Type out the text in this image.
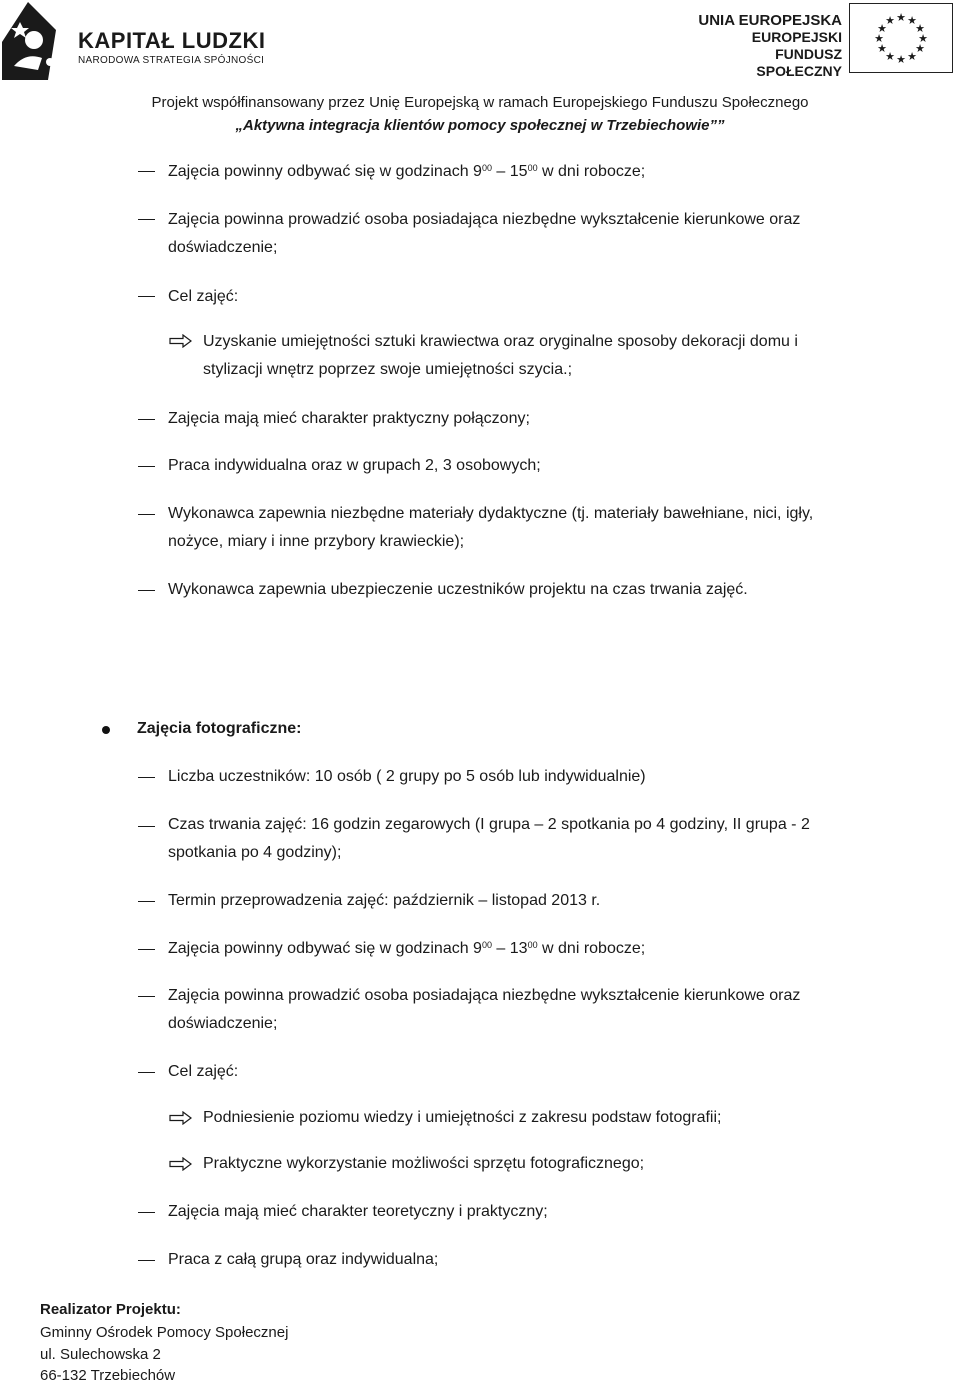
KAPITAŁ LUDZKI
NARODOWA STRATEGIA SPÓJNOŚCI
UNIA EUROPEJSKA
EUROPEJSKI
FUNDUSZ SPOŁECZNY
★ ★
★
★
★
★
★
★
★
★
★
★
Projekt współfinansowany przez Unię Europejską w ramach Europejskiego Funduszu Społecznego
„Aktywna integracja klientów pomocy społecznej w Trzebiechowie””
Zajęcia powinny odbywać się w godzinach $9^{00} - 15^{00}$ w dni robocze;
Zajęcia powinna prowadzić osoba posiadająca niezbędne wykształcenie kierunkowe oraz
doświadczenie;
Cel zajęć:
Uzyskanie umiejętności sztuki krawiectwa oraz oryginalne sposoby dekoracji domu i
stylizacji wnętrz poprzez swoje umiejętności szycia.;
Zajęcia mają mieć charakter praktyczny połączony;
Praca indywidualna oraz w grupach 2, 3 osobowych;
Wykonawca zapewnia niezbędne materiały dydaktyczne (tj. materiały bawełniane, nici, igły,
nożyce, miary i inne przybory krawieckie);
Wykonawca zapewnia ubezpieczenie uczestników projektu na czas trwania zajęć.
Zajęcia fotograficzne:
Liczba uczestników: 10 osób ( 2 grupy po 5 osób lub indywidualnie)
Czas trwania zajęć: 16 godzin zegarowych (I grupa – 2 spotkania po 4 godziny, II grupa - 2
spotkania po 4 godziny);
Termin przeprowadzenia zajęć: październik – listopad 2013 r.
Zajęcia powinny odbywać się w godzinach $9^{00} - 13^{00}$ w dni robocze;
Zajęcia powinna prowadzić osoba posiadająca niezbędne wykształcenie kierunkowe oraz
doświadczenie;
Cel zajęć:
Podniesienie poziomu wiedzy i umiejętności z zakresu podstaw fotografii;
Praktyczne wykorzystanie możliwości sprzętu fotograficznego;
Zajęcia mają mieć charakter teoretyczny i praktyczny;
Praca z całą grupą oraz indywidualna;
Realizator Projektu:
Gminny Ośrodek Pomocy Społecznej
ul. Sulechowska 2
66-132 Trzebiechów
